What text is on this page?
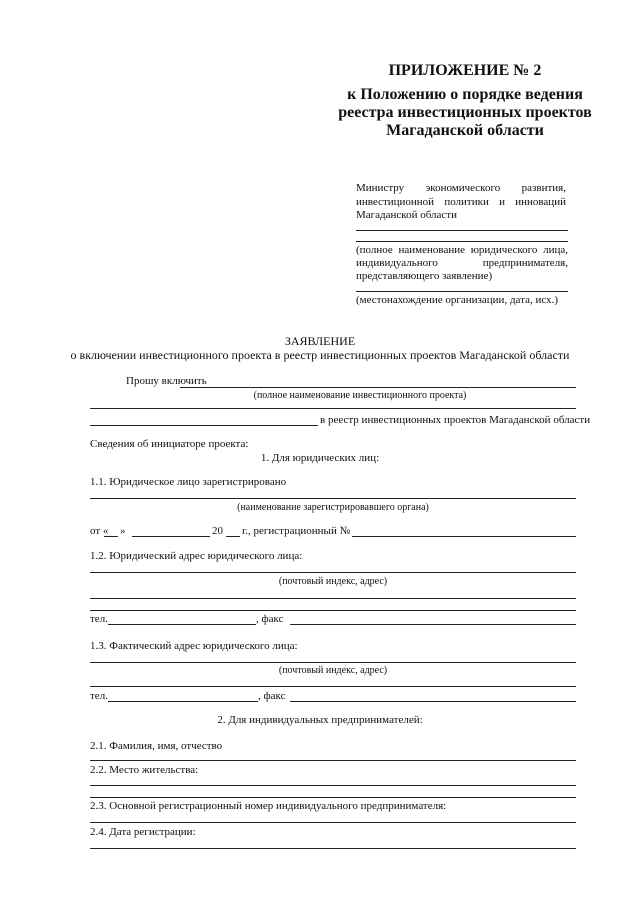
ПРИЛОЖЕНИЕ № 2
к Положению о порядке ведения
реестра инвестиционных проектов
Магаданской области
Министру экономического развития,
инвестиционной политики и инноваций
Магаданской области
(полное наименование юридического лица,
индивидуального	предпринимателя,
представляющего заявление)
(местонахождение организации, дата, исх.)
ЗАЯВЛЕНИЕ
о включении инвестиционного проекта в реестр инвестиционных проектов Магаданской области
Прошу включить
(полное наименование инвестиционного проекта)
в реестр инвестиционных проектов Магаданской области
Сведения об инициаторе проекта:
1. Для юридических лиц:
1.1. Юридическое лицо зарегистрировано
(наименование зарегистрировавшего органа)
от « »	20 г., регистрационный №
1.2. Юридический адрес юридического лица:
(почтовый индекс, адрес)
тел.	, факс
1.3. Фактический адрес юридического лица:
(почтовый индекс, адрес)
тел.	, факс
2. Для индивидуальных предпринимателей:
2.1. Фамилия, имя, отчество
2.2. Место жительства:
2.3. Основной регистрационный номер индивидуального предпринимателя:
2.4. Дата регистрации:
